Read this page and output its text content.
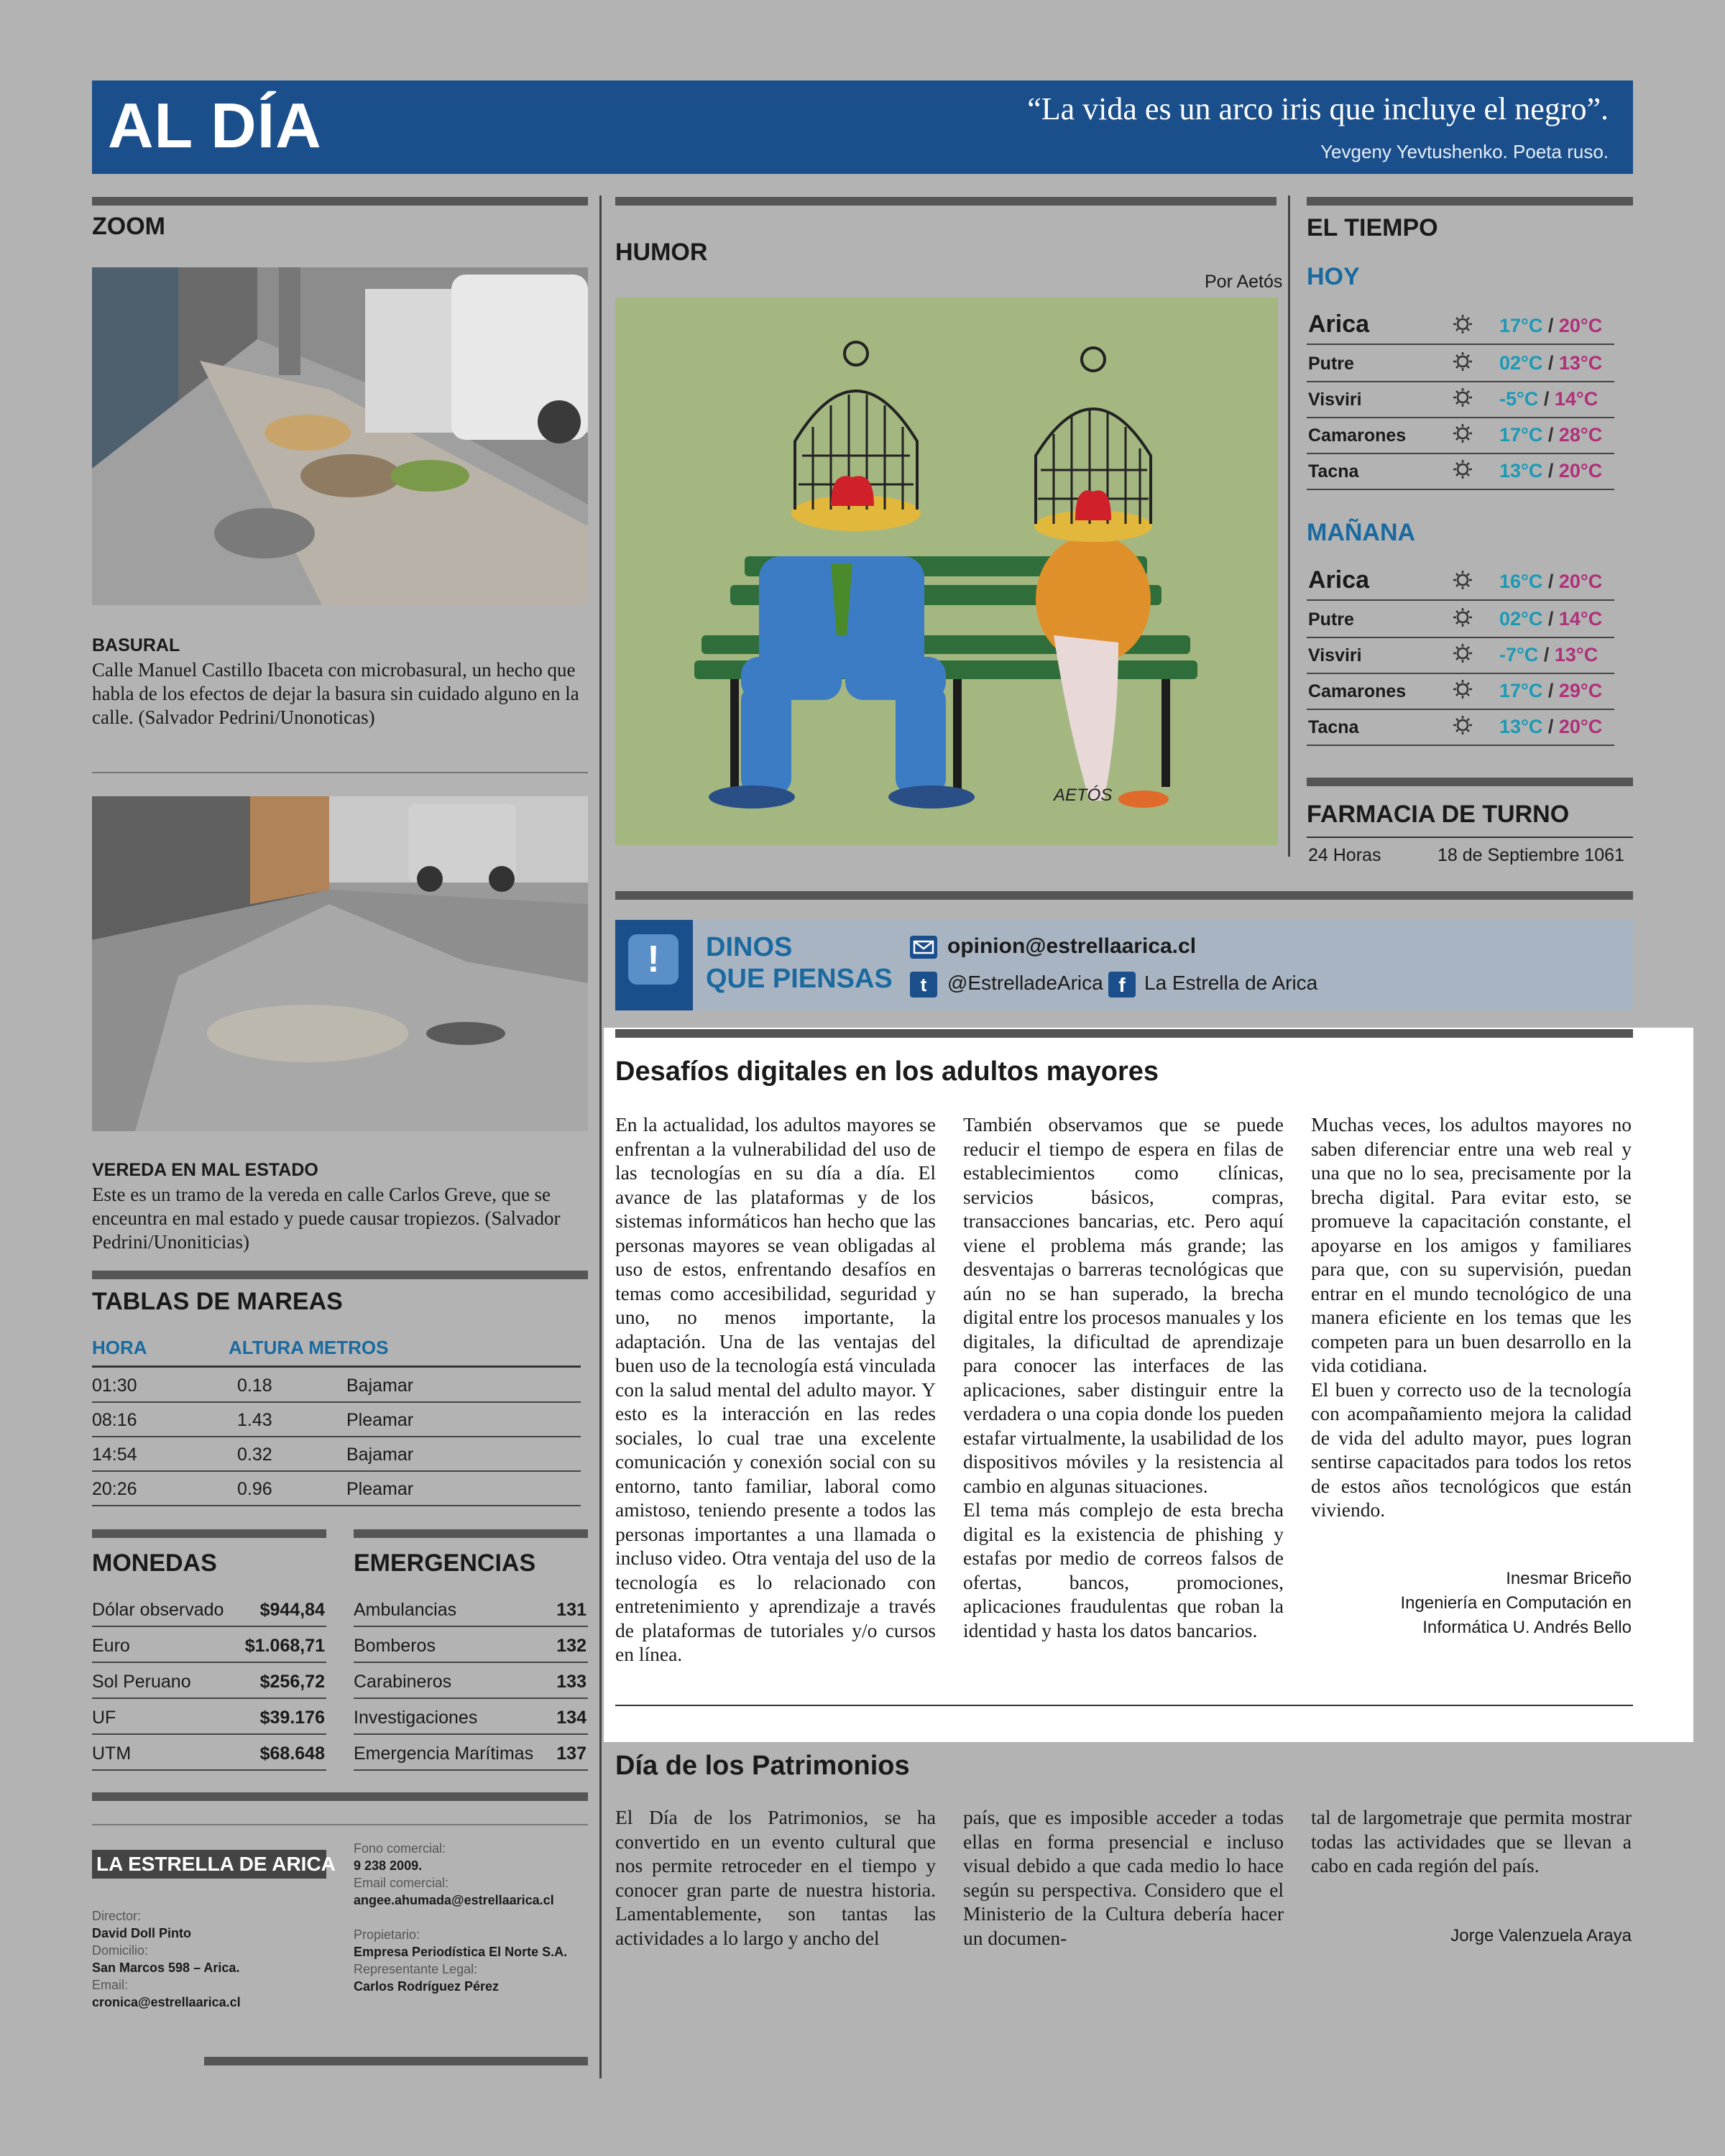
AL DÍA	“La vida es un arco iris que incluye el negro”.
Yevgeny Yevtushenko. Poeta ruso.
ZOOM
BASURAL
Calle Manuel Castillo Ibaceta con microbasural, un hecho que habla de los efectos de dejar la basura sin cuidado alguno en la calle. (Salvador Pedrini/Unonoticas)
VEREDA EN MAL ESTADO
Este es un tramo de la vereda en calle Carlos Greve, que se enceuntra en mal estado y puede causar tropiezos. (Salvador Pedrini/Unoniticias)
TABLAS DE MAREAS
HORA	ALTURA METROS
01:30	0.18	Bajamar
08:16	1.43	Pleamar
14:54	0.32	Bajamar
20:26	0.96	Pleamar
MONEDAS
Dólar observado $944,84
Euro	$1.068,71
Sol Peruano	$256,72
UF	$39.176
UTM	$68.648
EMERGENCIAS
Ambulancias	131
Bomberos	132
Carabineros	133
Investigaciones	134
Emergencia Marítimas 137
LA ESTRELLA DE ARICA
Director:
David Doll Pinto
Domicilio:
San Marcos 598 – Arica.
Email:
cronica@estrellaarica.cl
Fono comercial:
9 238 2009.
Email comercial:
angee.ahumada@estrellaarica.cl
Propietario:
Empresa Periodística El Norte S.A.
Representante Legal:
Carlos Rodríguez Pérez
HUMOR
Por Aetós
AETÓS
EL TIEMPO
HOY
Arica	17°C / 20°C
Putre	02°C / 13°C
Visviri	-5°C / 14°C
Camarones	17°C / 28°C
Tacna	13°C / 20°C
MAÑANA
Arica	16°C / 20°C
Putre	02°C / 14°C
Visviri	-7°C / 13°C
Camarones	17°C / 29°C
Tacna	13°C / 20°C
FARMACIA DE TURNO
24 Horas	18 de Septiembre 1061
!	DINOS
QUE PIENSAS
opinion@estrellaarica.cl
t	@EstrelladeArica f La Estrella de Arica
Desafíos digitales en los adultos mayores

En la actualidad, los adultos mayores se enfrentan a la vulnerabilidad del uso de las tecnologías en su día a día. El avance de las plataformas y de los sistemas informáticos han hecho que las personas mayores se vean obligadas al uso de estos, enfrentando desafíos en temas como accesibilidad, seguridad y uno, no menos importante, la adaptación. Una de las ventajas del buen uso de la tecnología está vinculada con la salud mental del adulto mayor. Y esto es la interacción en las redes sociales, lo cual trae una excelente comunicación y conexión social con su entorno, tanto familiar, laboral como amistoso, teniendo presente a todos las personas importantes a una llamada o incluso video. Otra ventaja del uso de la tecnología es lo relacionado con entretenimiento y aprendizaje a través de plataformas de tutoriales y/o cursos en línea.

También observamos que se puede reducir el tiempo de espera en filas de establecimientos como clínicas, servicios básicos, compras, transacciones bancarias, etc. Pero aquí viene el problema más grande; las desventajas o barreras tecnológicas que aún no se han superado, la brecha digital entre los procesos manuales y los digitales, la dificultad de aprendizaje para conocer las interfaces de las aplicaciones, saber distinguir entre la verdadera o una copia donde los pueden estafar virtualmente, la usabilidad de los dispositivos móviles y la resistencia al cambio en algunas situaciones.

El tema más complejo de esta brecha digital es la existencia de phishing y estafas por medio de correos falsos de ofertas, bancos, promociones, aplicaciones fraudulentas que roban la identidad y hasta los datos bancarios.

Muchas veces, los adultos mayores no saben diferenciar entre una web real y una que no lo sea, precisamente por la brecha digital. Para evitar esto, se promueve la capacitación constante, el apoyarse en los amigos y familiares para que, con su supervisión, puedan entrar en el mundo tecnológico de una manera eficiente en los temas que les competen para un buen desarrollo en la vida cotidiana.

El buen y correcto uso de la tecnología con acompañamiento mejora la calidad de vida del adulto mayor, pues logran sentirse capacitados para todos los retos de estos años tecnológicos que están viviendo.

Inesmar Briceño
Ingeniería en Computación en
Informática U. Andrés Bello
Día de los Patrimonios

El Día de los Patrimonios, se ha convertido en un evento cultural que nos permite retroceder en el tiempo y conocer gran parte de nuestra historia. Lamentablemente, son tantas las actividades a lo largo y ancho del

país, que es imposible acceder a todas ellas en forma presencial e incluso visual debido a que cada medio lo hace según su perspectiva. Considero que el Ministerio de la Cultura debería hacer un documen-

tal de largometraje que permita mostrar todas las actividades que se llevan a cabo en cada región del país.

Jorge Valenzuela Araya
